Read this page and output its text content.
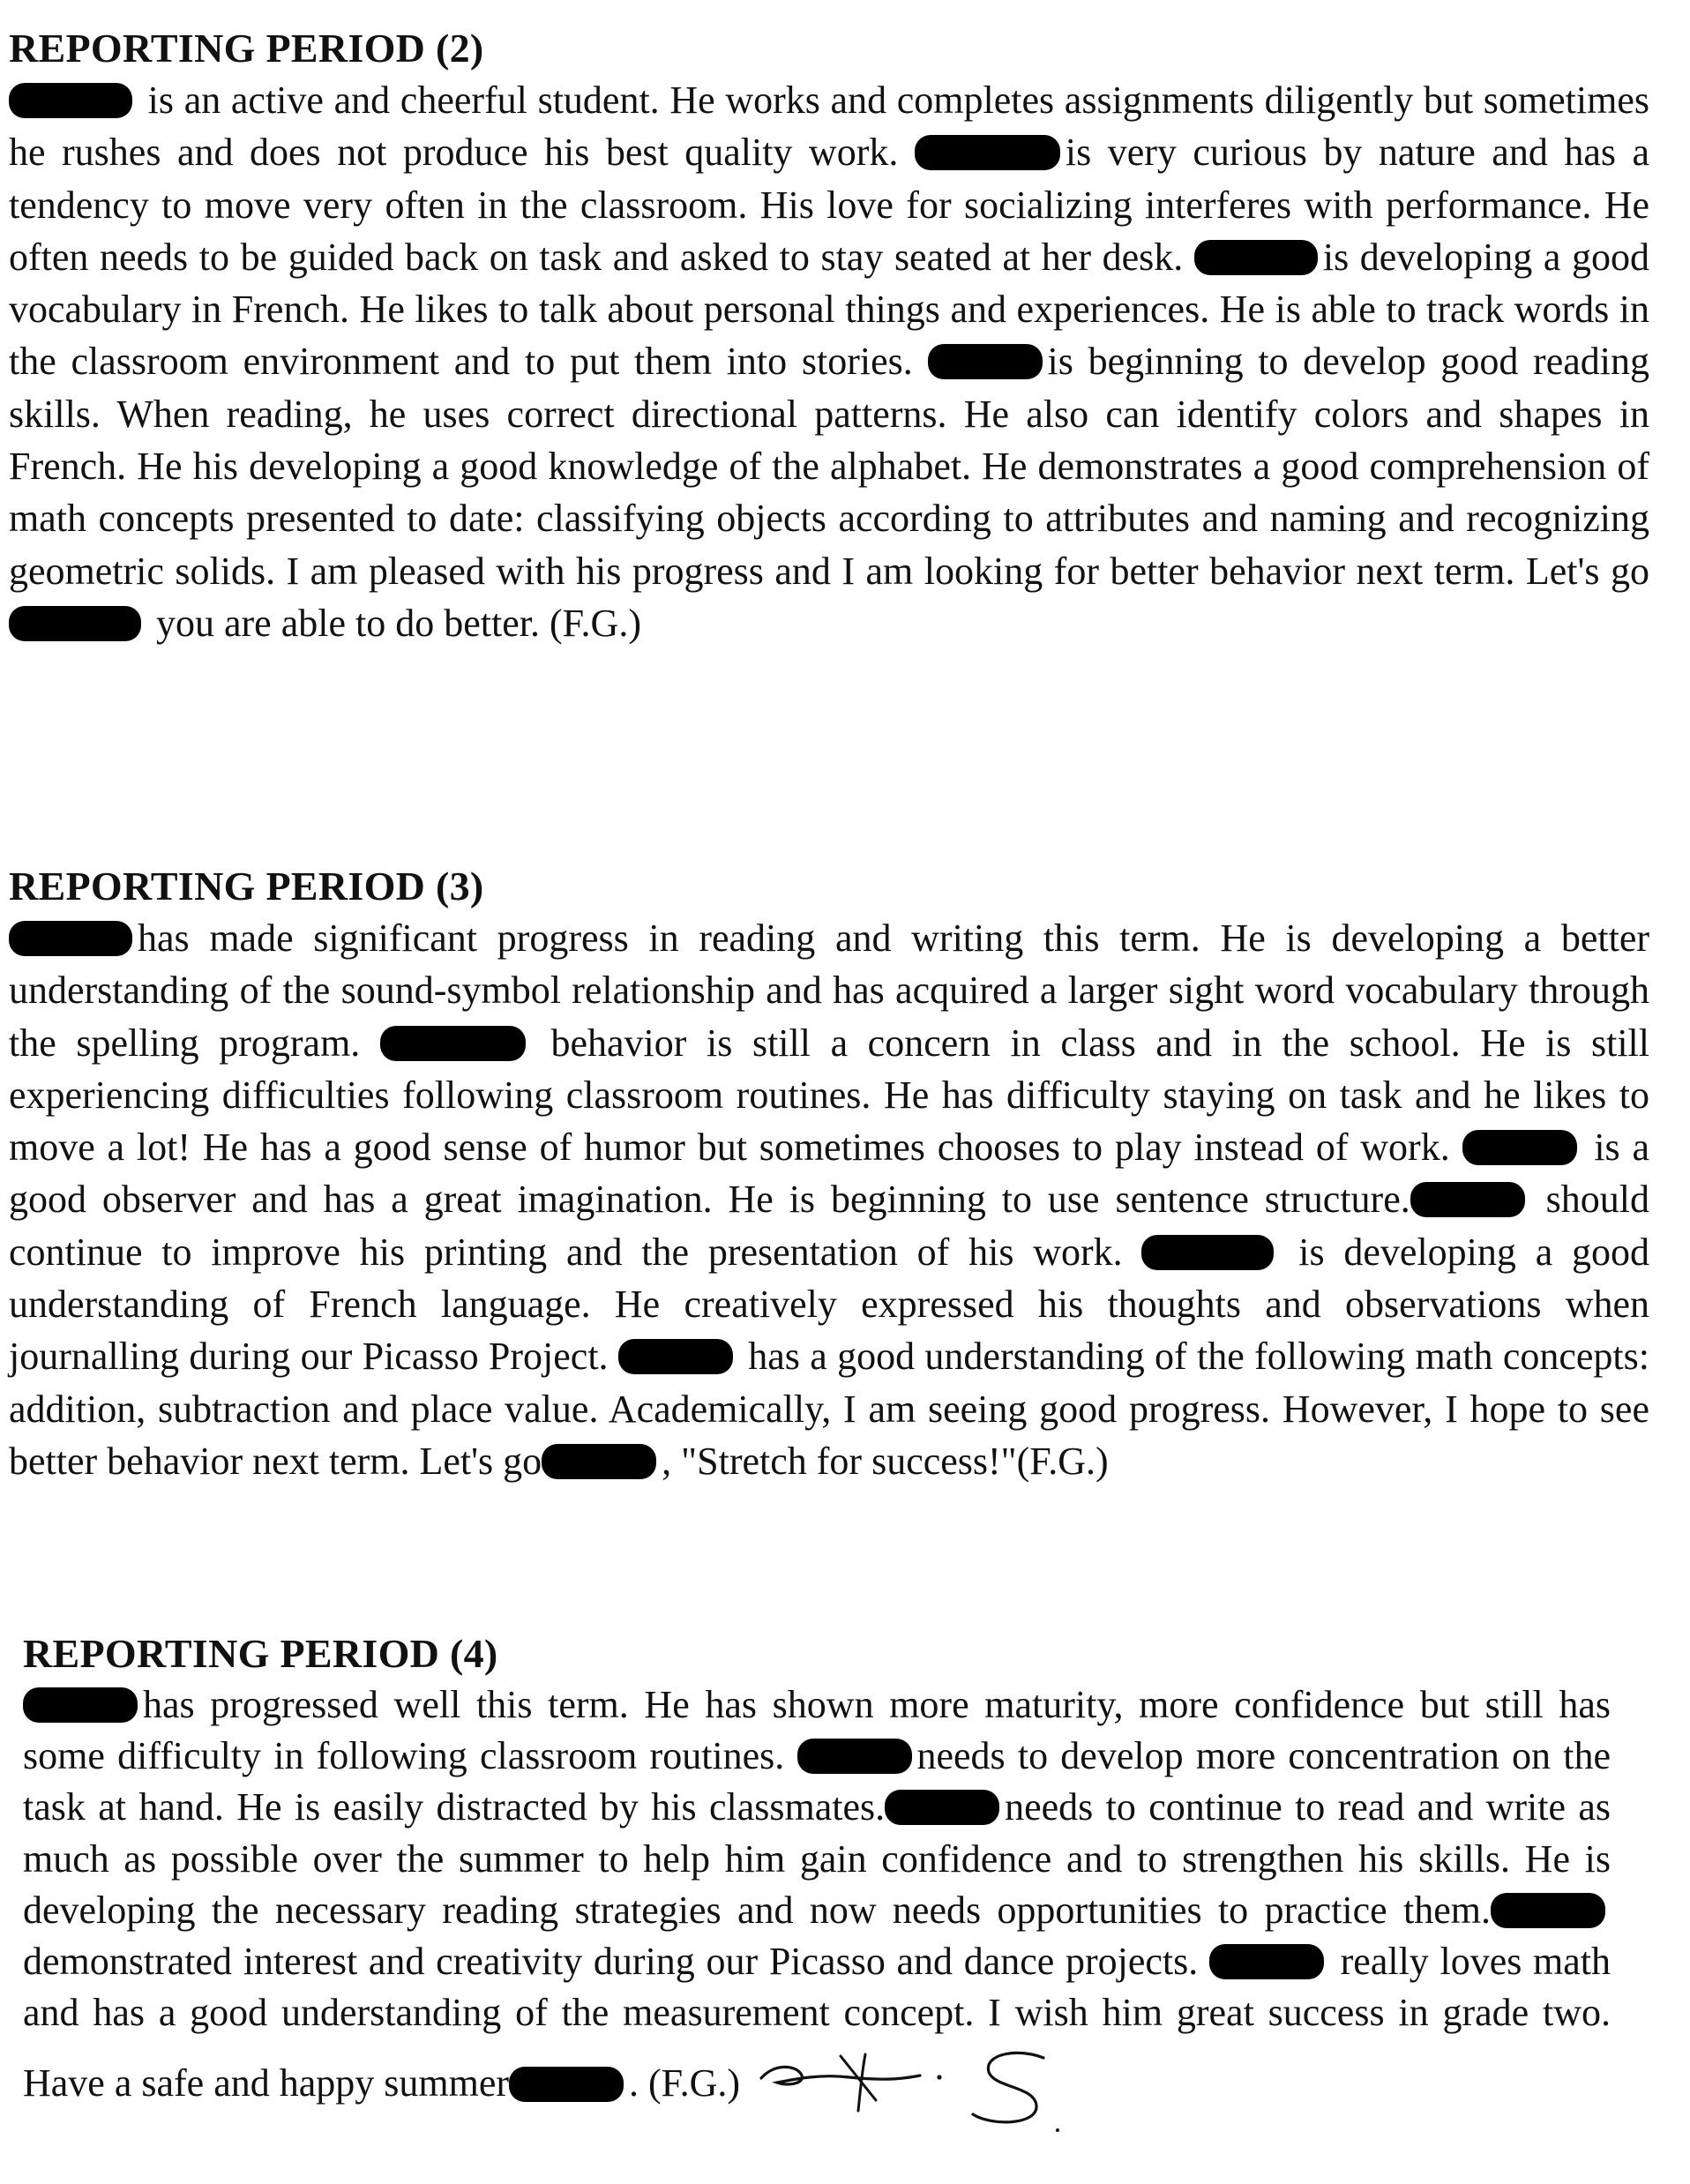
REPORTING PERIOD (2)

is an active and cheerful student. He works and completes assignments diligently but sometimes he rushes and does not produce his best quality work.	is very curious by nature and has a tendency to move very often in the classroom. His love for socializing interferes with performance. He often needs to be guided back on task and asked to stay seated at her desk.	is developing a good vocabulary in French. He likes to talk about personal things and experiences. He is able to track words in the classroom environment and to put them into stories.	is beginning to develop good reading skills. When reading, he uses correct directional patterns. He also can identify colors and shapes in French. He his developing a good knowledge of the alphabet. He demonstrates a good comprehension of math concepts presented to date: classifying objects according to attributes and naming and recognizing geometric solids. I am pleased with his progress and I am looking for better behavior next term. Let's go  you are able to do better. (F.G.)

REPORTING PERIOD (3)

has made significant progress in reading and writing this term. He is developing a better understanding of the sound-symbol relationship and has acquired a larger sight word vocabulary through the spelling program.	behavior is still a concern in class and in the school. He is still experiencing difficulties following classroom routines. He has difficulty staying on task and he likes to move a lot! He has a good sense of humor but sometimes chooses to play instead of work.	is a good observer and has a great imagination. He is beginning to use sentence structure.	should continue to improve his printing and the presentation of his work.	is developing a good understanding of French language. He creatively expressed his thoughts and observations when journalling during our Picasso Project.	has a good understanding of the following math concepts: addition, subtraction and place value. Academically, I am seeing good progress. However, I hope to see better behavior next term. Let's go	, "Stretch for success!"(F.G.)

REPORTING PERIOD (4)

has progressed well this term. He has shown more maturity, more confidence but still has some difficulty in following classroom routines.	needs to develop more concentration on the task at hand. He is easily distracted by his classmates.	needs to continue to read and write as much as possible over the summer to help him gain confidence and to strengthen his skills. He is developing the necessary reading strategies and now needs opportunities to practice them.demonstrated interest and creativity during our Picasso and dance projects.	really loves math and has a good understanding of the measurement concept. I wish him great success in grade two. Have a safe and happy summer	. (F.G.)
